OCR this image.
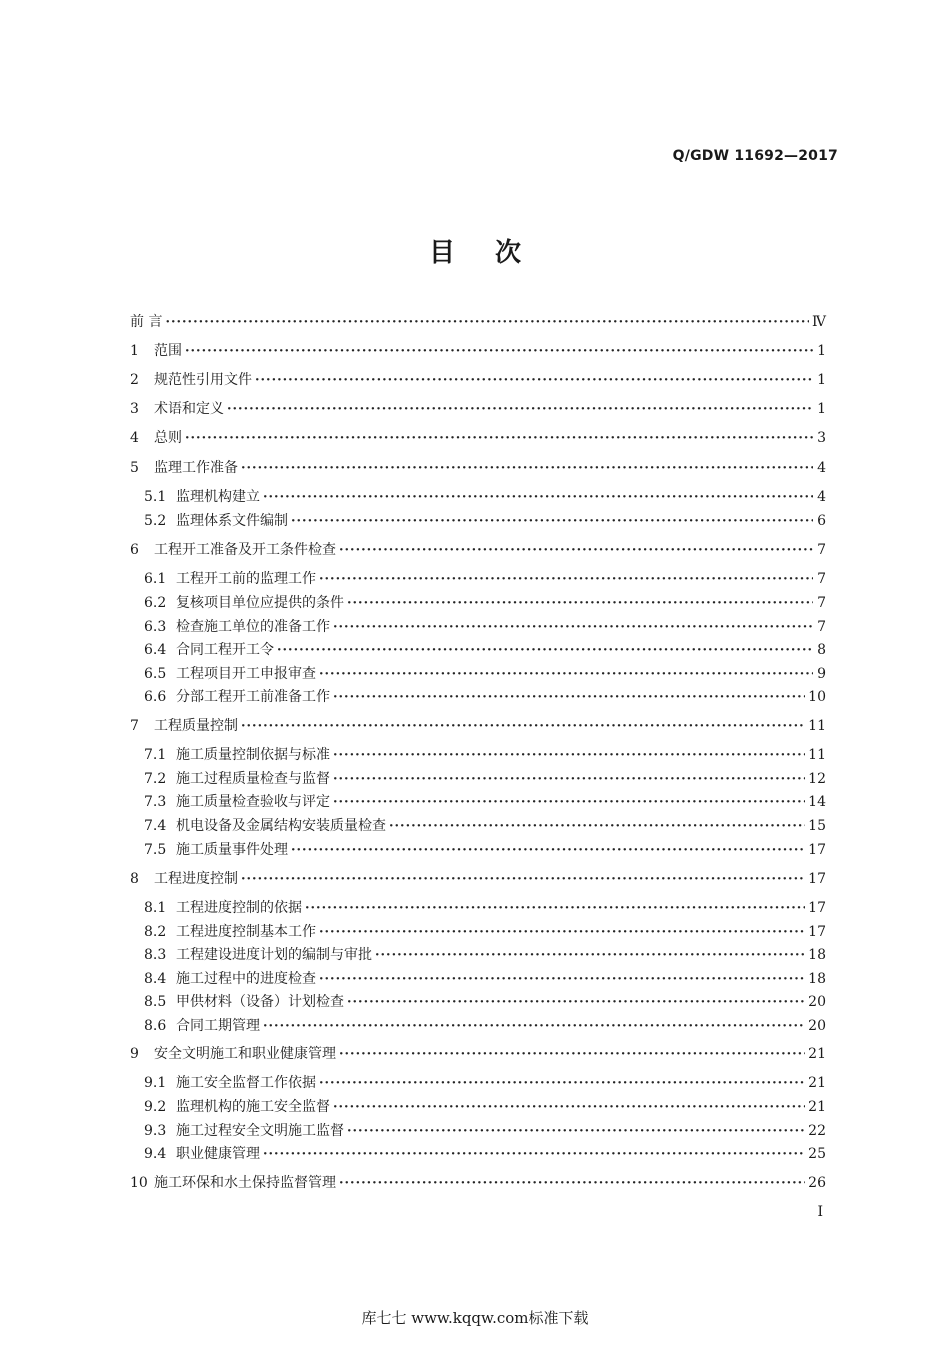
Q/GDW 11692—2017
目次
前 言 ·····	Ⅳ
1	范围 ·····	1
2	规范性引用文件 ·····	1
3	术语和定义 ·····	1
4	总则 ·····	3
5	监理工作准备 ·····	4
5.1 监理机构建立 ·····	4
5.2 监理体系文件编制 ·····	6
6	工程开工准备及开工条件检查 ·····	7
6.1 工程开工前的监理工作 ·····	7
6.2 复核项目单位应提供的条件 ·····	7
6.3 检查施工单位的准备工作 ·····	7
6.4 合同工程开工令 ·····	8
6.5 工程项目开工申报审查 ·····	9
6.6 分部工程开工前准备工作 ·····	10
7	工程质量控制 ·····	11
7.1 施工质量控制依据与标准 ·····	11
7.2 施工过程质量检查与监督 ·····	12
7.3 施工质量检查验收与评定 ·····	14
7.4 机电设备及金属结构安装质量检查 ·····	15
7.5 施工质量事件处理 ·····	17
8	工程进度控制 ·····	17
8.1 工程进度控制的依据 ·····	17
8.2 工程进度控制基本工作 ·····	17
8.3 工程建设进度计划的编制与审批 ·····	18
8.4 施工过程中的进度检查 ·····	18
8.5 甲供材料（设备）计划检查 ·····	20
8.6 合同工期管理 ·····	20
9	安全文明施工和职业健康管理 ·····	21
9.1 施工安全监督工作依据 ·····	21
9.2 监理机构的施工安全监督 ·····	21
9.3 施工过程安全文明施工监督 ·····	22
9.4 职业健康管理 ·····	25
10 施工环保和水土保持监督管理 ·····	26
I
库七七 www.kqqw.com标准下载
